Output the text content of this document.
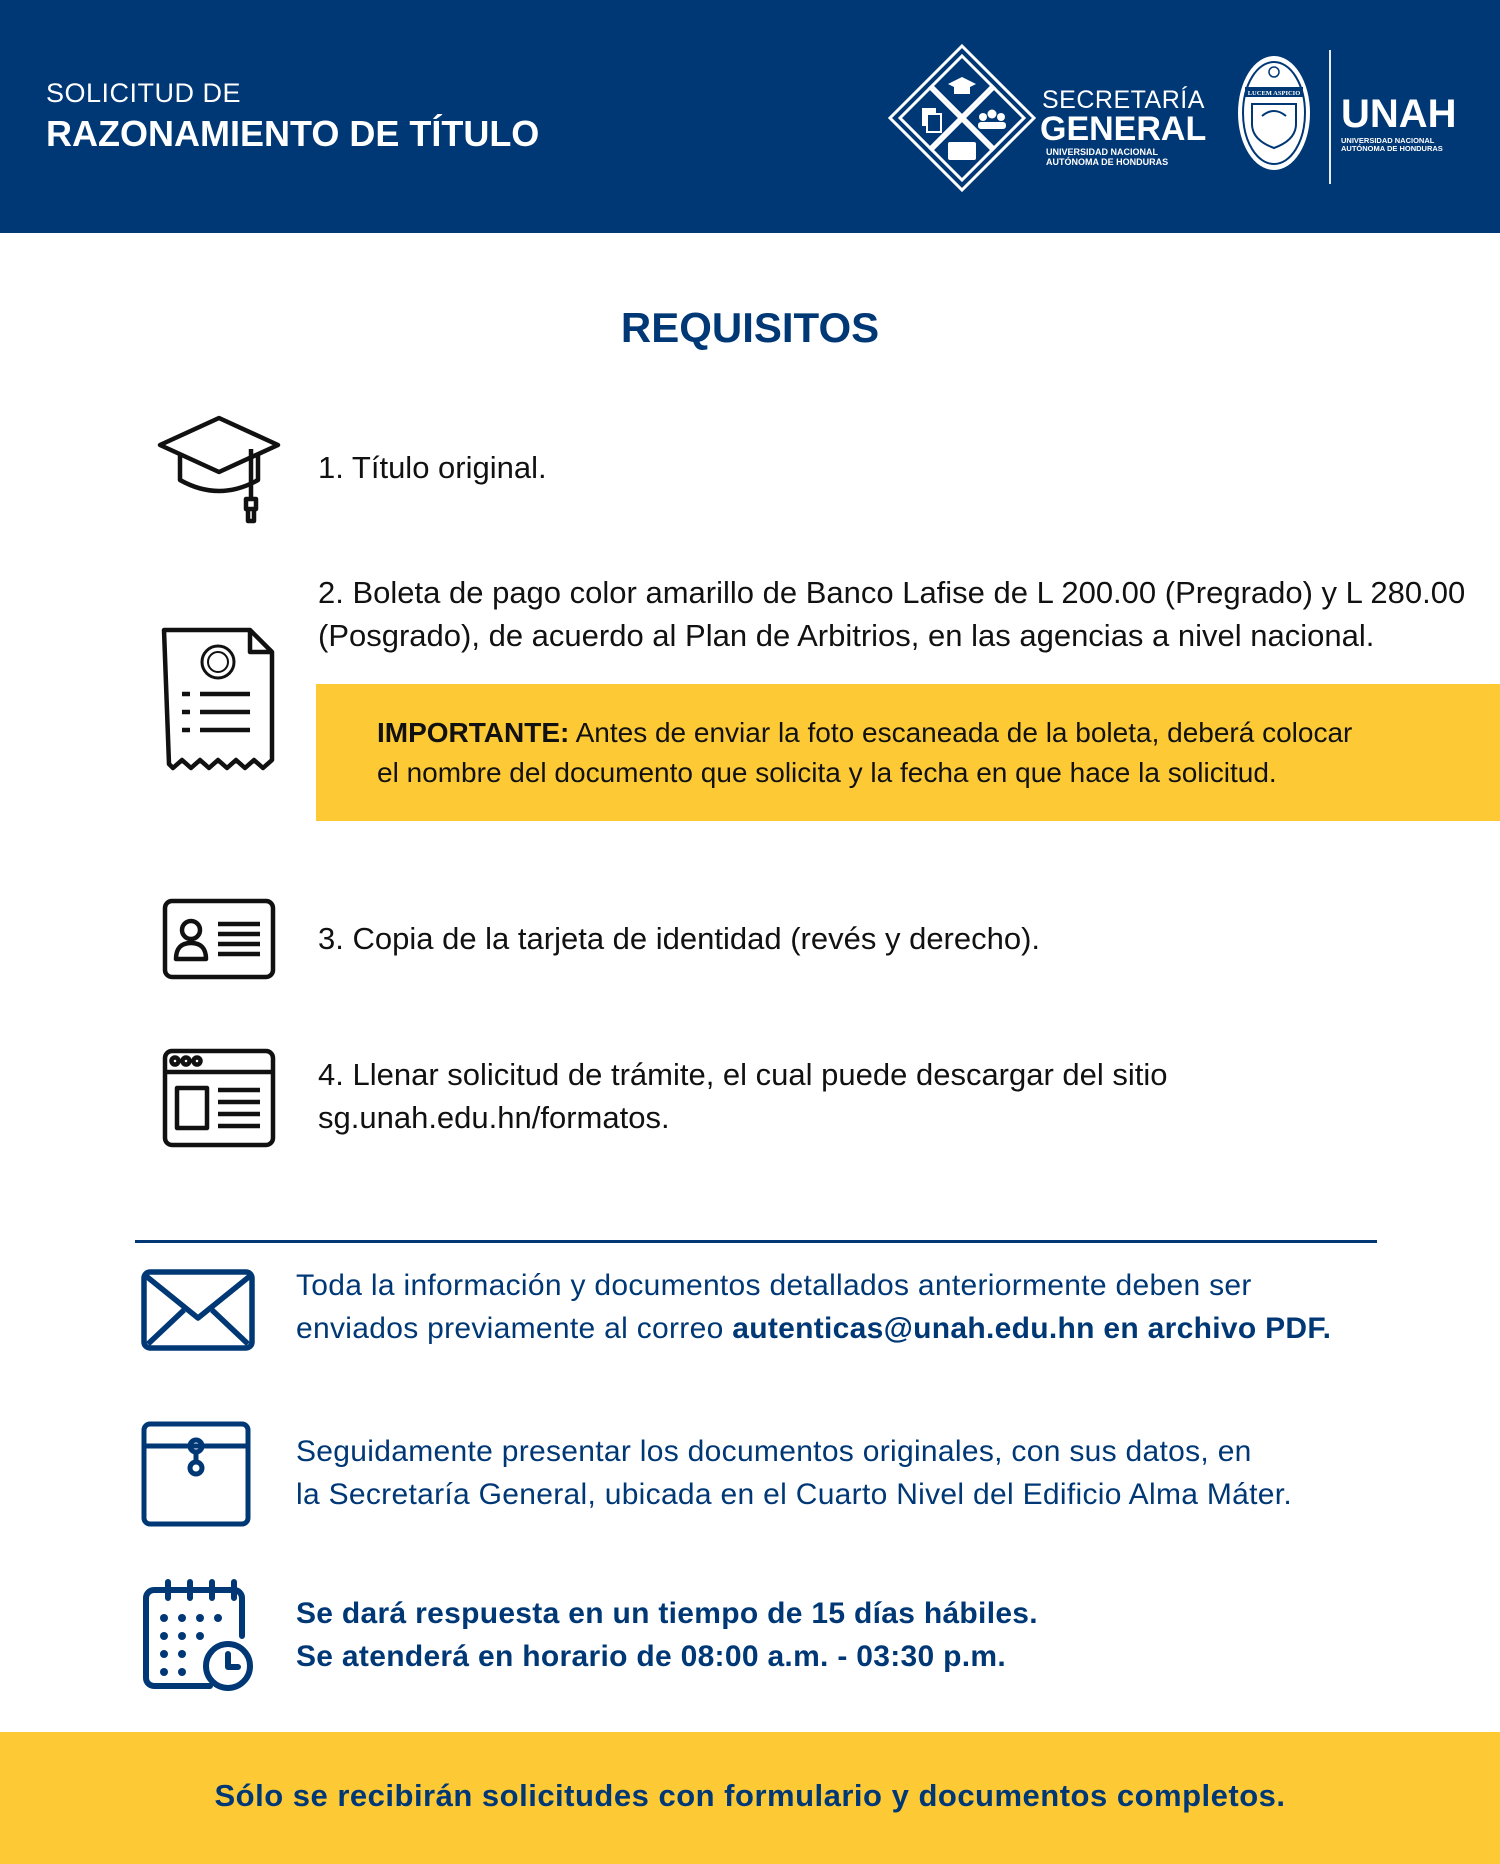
SOLICITUD DE
RAZONAMIENTO DE TÍTULO
SECRETARÍA
GENERAL
UNIVERSIDAD NACIONAL
AUTÓNOMA DE HONDURAS
LUCEM ASPICIO UNAH
UNIVERSIDAD NACIONAL
AUTÓNOMA DE HONDURAS
REQUISITOS
1. Título original.
2. Boleta de pago color amarillo de Banco Lafise de L 200.00 (Pregrado) y L 280.00
(Posgrado), de acuerdo al Plan de Arbitrios, en las agencias a nivel nacional.
IMPORTANTE: Antes de enviar la foto escaneada de la boleta, deberá colocar
el nombre del documento que solicita y la fecha en que hace la solicitud.
3. Copia de la tarjeta de identidad (revés y derecho).
4. Llenar solicitud de trámite, el cual puede descargar del sitio
sg.unah.edu.hn/formatos.
Toda la información y documentos detallados anteriormente deben ser
enviados previamente al correo autenticas@unah.edu.hn en archivo PDF.
Seguidamente presentar los documentos originales, con sus datos, en
la Secretaría General, ubicada en el Cuarto Nivel del Edificio Alma Máter.
Se dará respuesta en un tiempo de 15 días hábiles.
Se atenderá en horario de 08:00 a.m. - 03:30 p.m.
Sólo se recibirán solicitudes con formulario y documentos completos.
